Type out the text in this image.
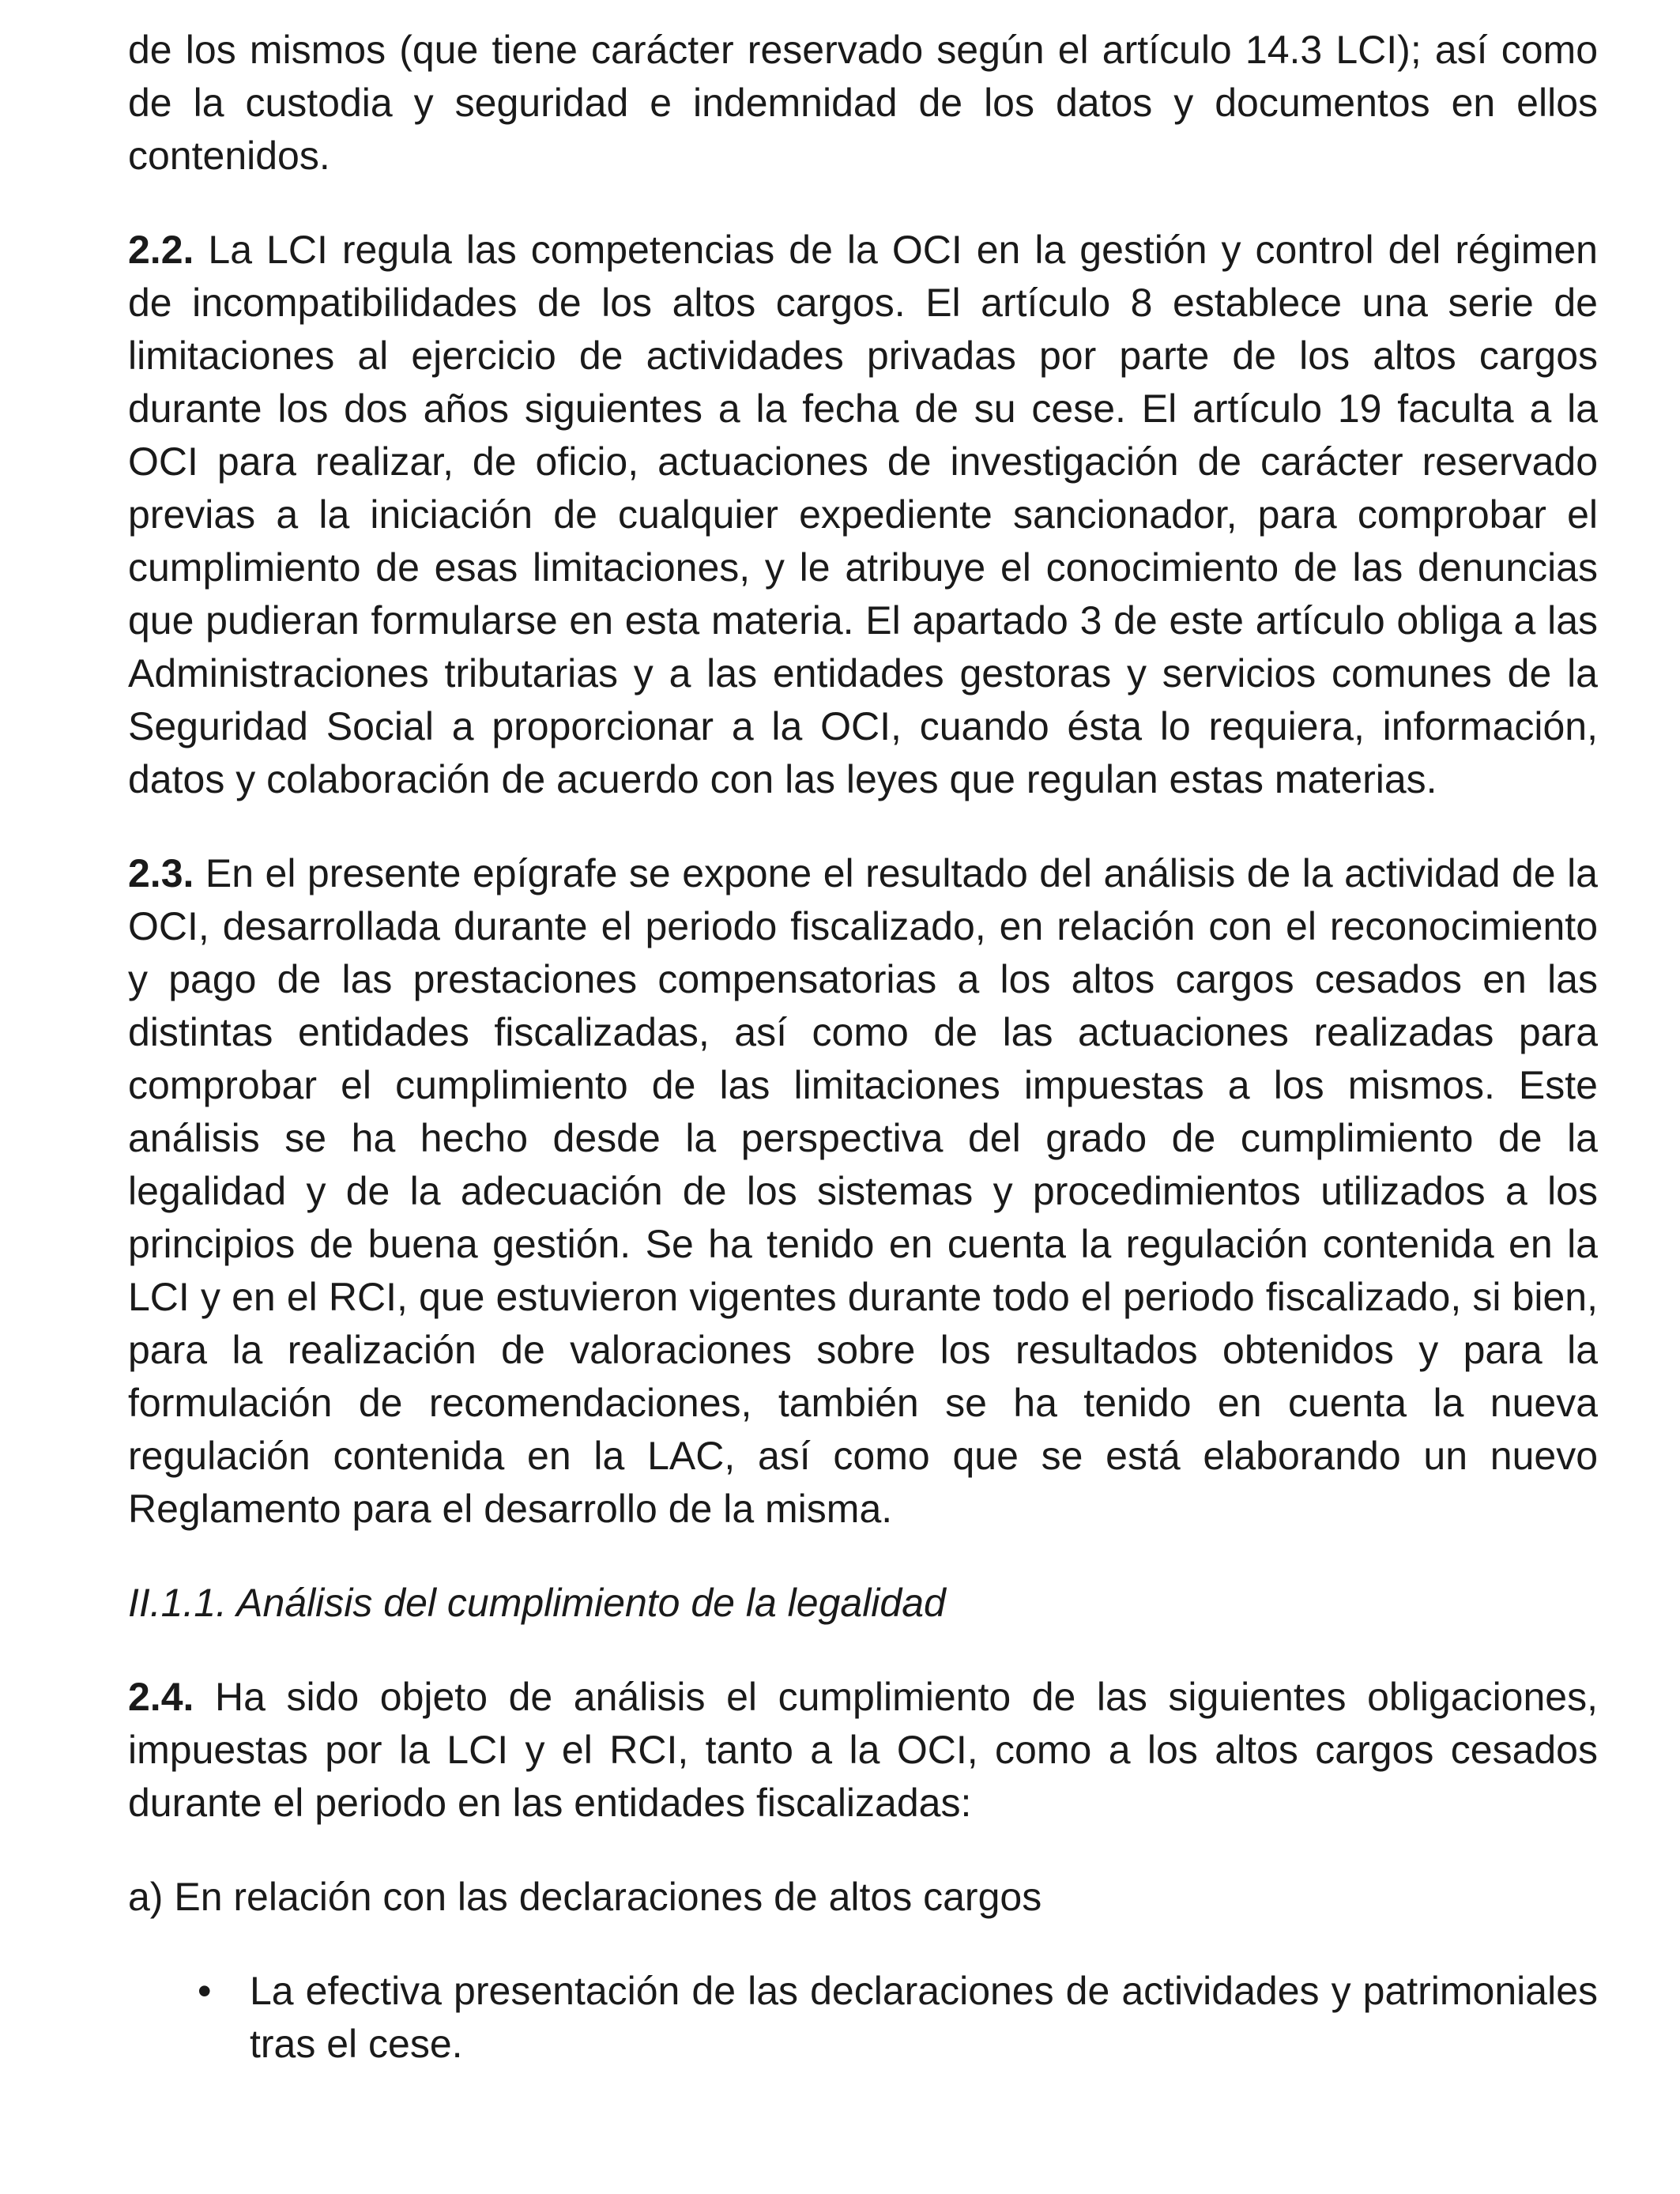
de los mismos (que tiene carácter reservado según el artículo 14.3 LCI); así como de la custodia y seguridad e indemnidad de los datos y documentos en ellos contenidos.

2.2. La LCI regula las competencias de la OCI en la gestión y control del régimen de incompatibilidades de los altos cargos. El artículo 8 establece una serie de limitaciones al ejercicio de actividades privadas por parte de los altos cargos durante los dos años siguientes a la fecha de su cese. El artículo 19 faculta a la OCI para realizar, de oficio, actuaciones de investigación de carácter reservado previas a la iniciación de cualquier expediente sancionador, para comprobar el cumplimiento de esas limitaciones, y le atribuye el conocimiento de las denuncias que pudieran formularse en esta materia. El apartado 3 de este artículo obliga a las Administraciones tributarias y a las entidades gestoras y servicios comunes de la Seguridad Social a proporcionar a la OCI, cuando ésta lo requiera, información, datos y colaboración de acuerdo con las leyes que regulan estas materias.

2.3. En el presente epígrafe se expone el resultado del análisis de la actividad de la OCI, desarrollada durante el periodo fiscalizado, en relación con el reconocimiento y pago de las prestaciones compensatorias a los altos cargos cesados en las distintas entidades fiscalizadas, así como de las actuaciones realizadas para comprobar el cumplimiento de las limitaciones impuestas a los mismos. Este análisis se ha hecho desde la perspectiva del grado de cumplimiento de la legalidad y de la adecuación de los sistemas y procedimientos utilizados a los principios de buena gestión. Se ha tenido en cuenta la regulación contenida en la LCI y en el RCI, que estuvieron vigentes durante todo el periodo fiscalizado, si bien, para la realización de valoraciones sobre los resultados obtenidos y para la formulación de recomendaciones, también se ha tenido en cuenta la nueva regulación contenida en la LAC, así como que se está elaborando un nuevo Reglamento para el desarrollo de la misma.

II.1.1. Análisis del cumplimiento de la legalidad

2.4. Ha sido objeto de análisis el cumplimiento de las siguientes obligaciones, impuestas por la LCI y el RCI, tanto a la OCI, como a los altos cargos cesados durante el periodo en las entidades fiscalizadas:

a) En relación con las declaraciones de altos cargos

• La efectiva presentación de las declaraciones de actividades y patrimoniales tras el cese.
